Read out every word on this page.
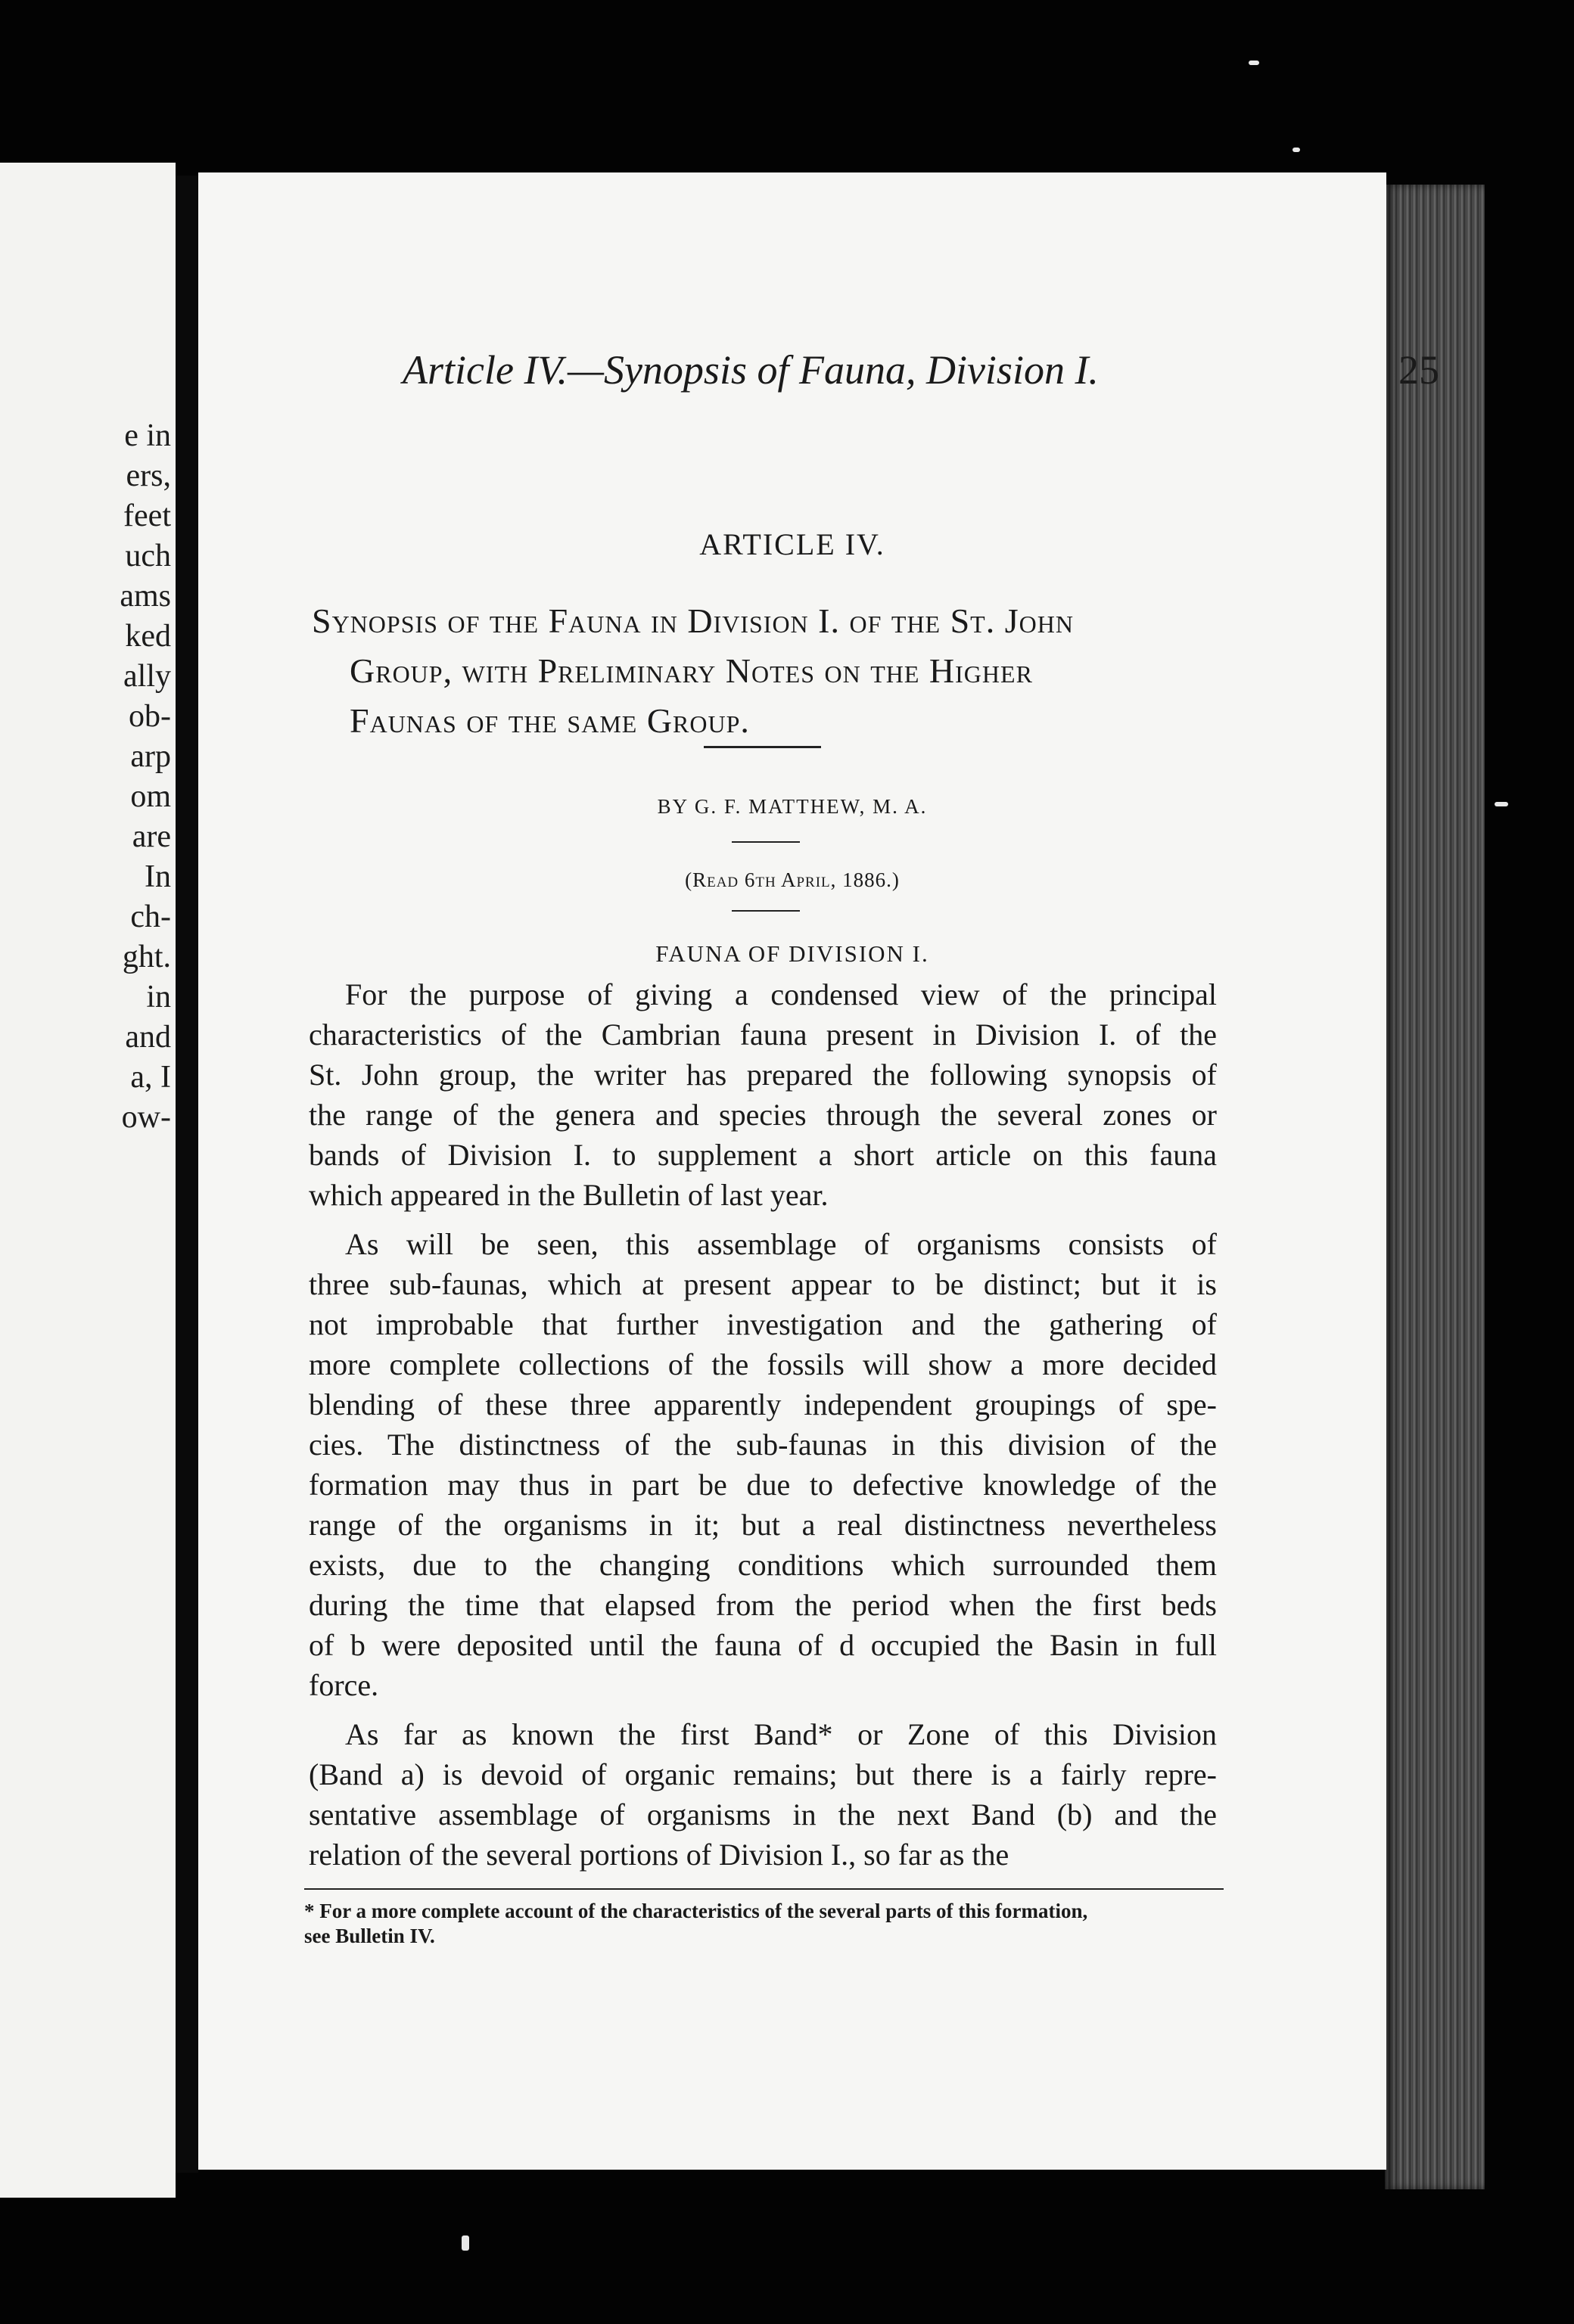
e in
ers,
feet
uch
ams
ked
ally
ob-
arp
om
are
In
ch-
ght.
in
and
a, I
ow-
Article IV.—Synopsis of Fauna, Division I.	25
ARTICLE IV.
Synopsis of the Fauna in Division I. of the St. John
Group, with Preliminary Notes on the Higher
Faunas of the same Group.
BY G. F. MATTHEW, M. A.
(Read 6th April, 1886.)
FAUNA OF DIVISION I.

For the purpose of giving a condensed view of the principal
characteristics of the Cambrian fauna present in Division I. of the
St. John group, the writer has prepared the following synopsis of
the range of the genera and species through the several zones or
bands of Division I. to supplement a short article on this fauna
which appeared in the Bulletin of last year.

As will be seen, this assemblage of organisms consists of
three sub-faunas, which at present appear to be distinct; but it is
not improbable that further investigation and the gathering of
more complete collections of the fossils will show a more decided
blending of these three apparently independent groupings of spe-
cies. The distinctness of the sub-faunas in this division of the
formation may thus in part be due to defective knowledge of the
range of the organisms in it; but a real distinctness nevertheless
exists, due to the changing conditions which surrounded them
during the time that elapsed from the period when the first beds
of b were deposited until the fauna of d occupied the Basin in full
force.

As far as known the first Band* or Zone of this Division
(Band a) is devoid of organic remains; but there is a fairly repre-
sentative assemblage of organisms in the next Band (b) and the
relation of the several portions of Division I., so far as the

* For a more complete account of the characteristics of the several parts of this formation,
see Bulletin IV.
